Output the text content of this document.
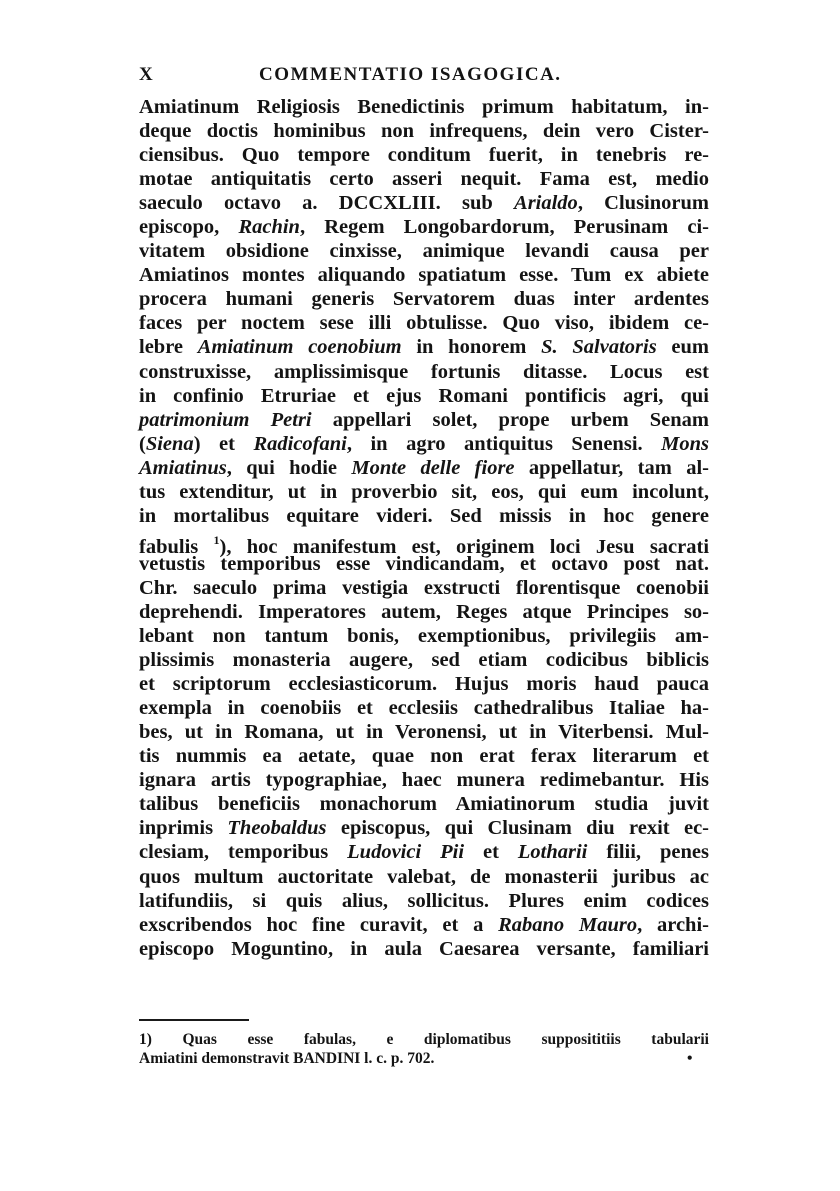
X	COMMENTATIO ISAGOGICA.
Amiatinum Religiosis Benedictinis primum habitatum, in-
deque doctis hominibus non infrequens, dein vero Cister-
ciensibus. Quo tempore conditum fuerit, in tenebris re-
motae antiquitatis certo asseri nequit. Fama est, medio
saeculo octavo a. DCCXLIII. sub Arialdo, Clusinorum
episcopo, Rachin, Regem Longobardorum, Perusinam ci-
vitatem obsidione cinxisse, animique levandi causa per
Amiatinos montes aliquando spatiatum esse. Tum ex abiete
procera humani generis Servatorem duas inter ardentes
faces per noctem sese illi obtulisse. Quo viso, ibidem ce-
lebre Amiatinum coenobium in honorem S. Salvatoris eum
construxisse, amplissimisque fortunis ditasse. Locus est
in confinio Etruriae et ejus Romani pontificis agri, qui
patrimonium Petri appellari solet, prope urbem Senam
(Siena) et Radicofani, in agro antiquitus Senensi. Mons
Amiatinus, qui hodie Monte delle fiore appellatur, tam al-
tus extenditur, ut in proverbio sit, eos, qui eum incolunt,
in mortalibus equitare videri. Sed missis in hoc genere
fabulis $^1$), hoc manifestum est, originem loci Jesu sacrati
vetustis temporibus esse vindicandam, et octavo post nat.
Chr. saeculo prima vestigia exstructi florentisque coenobii
deprehendi. Imperatores autem, Reges atque Principes so-
lebant non tantum bonis, exemptionibus, privilegiis am-
plissimis monasteria augere, sed etiam codicibus biblicis
et scriptorum ecclesiasticorum. Hujus moris haud pauca
exempla in coenobiis et ecclesiis cathedralibus Italiae ha-
bes, ut in Romana, ut in Veronensi, ut in Viterbensi. Mul-
tis nummis ea aetate, quae non erat ferax literarum et
ignara artis typographiae, haec munera redimebantur. His
talibus beneficiis monachorum Amiatinorum studia juvit
inprimis Theobaldus episcopus, qui Clusinam diu rexit ec-
clesiam, temporibus Ludovici Pii et Lotharii filii, penes
quos multum auctoritate valebat, de monasterii juribus ac
latifundiis, si quis alius, sollicitus. Plures enim codices
exscribendos hoc fine curavit, et a Rabano Mauro, archi-
episcopo Moguntino, in aula Caesarea versante, familiari
1) Quas esse fabulas, e diplomatibus supposititiis tabularii
Amiatini demonstravit BANDINI l. c. p. 702.	•
